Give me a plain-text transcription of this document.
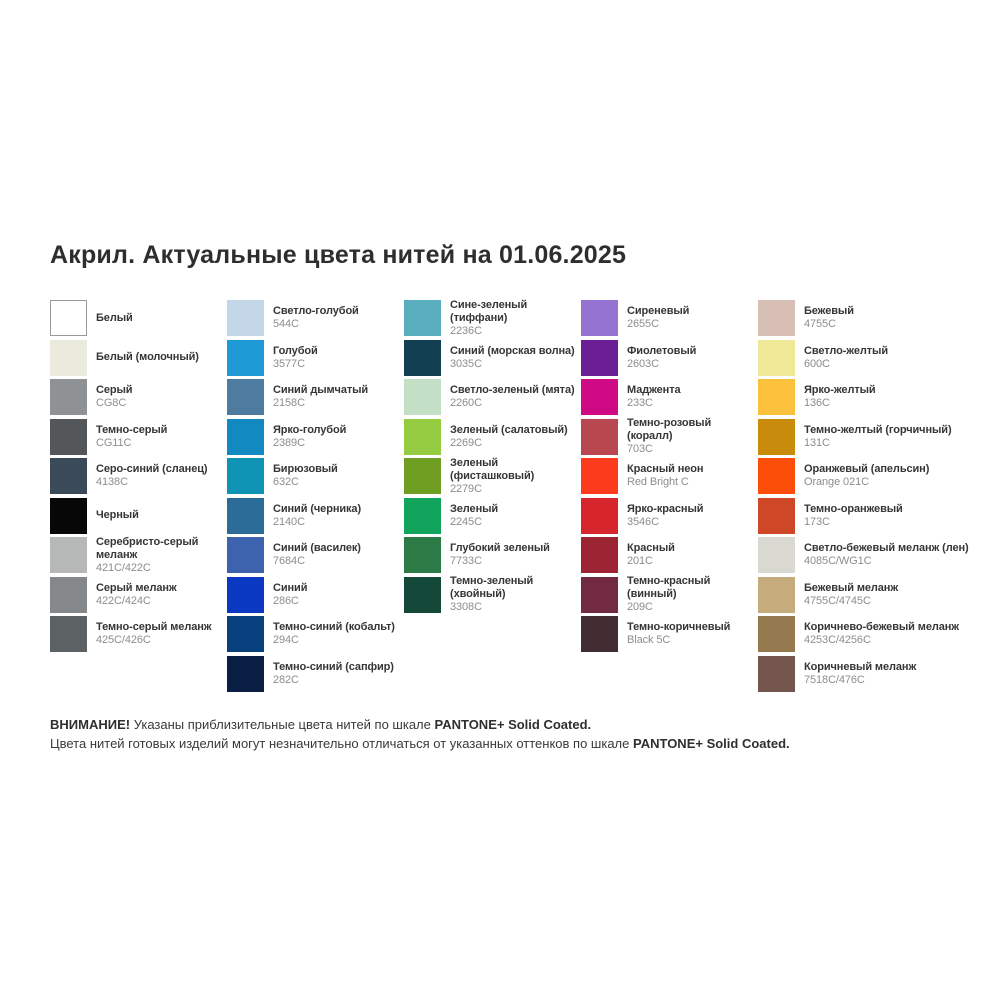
Акрил. Актуальные цвета нитей на 01.06.2025
Белый
Белый (молочный)
Серый
CG8C
Темно-серый
CG11C
Серо-синий (сланец)
4138C
Черный
Серебристо-серый меланж
421C/422C
Серый меланж
422C/424C
Темно-серый меланж
425C/426C
Светло-голубой
544C
Голубой
3577C
Синий дымчатый
2158C
Ярко-голубой
2389C
Бирюзовый
632C
Синий (черника)
2140C
Синий (василек)
7684C
Синий
286C
Темно-синий (кобальт)
294C
Темно-синий (сапфир)
282C
Сине-зеленый (тиффани)
2236C
Синий (морская волна)
3035C
Светло-зеленый (мята)
2260C
Зеленый (салатовый)
2269C
Зеленый (фисташковый)
2279C
Зеленый
2245C
Глубокий зеленый
7733C
Темно-зеленый (хвойный)
3308C
Сиреневый
2655C
Фиолетовый
2603C
Маджента
233C
Темно-розовый (коралл)
703C
Красный неон
Red Bright C
Ярко-красный
3546C
Красный
201C
Темно-красный (винный)
209C
Темно-коричневый
Black 5C
Бежевый
4755C
Светло-желтый
600C
Ярко-желтый
136C
Темно-желтый (горчичный)
131C
Оранжевый (апельсин)
Orange 021C
Темно-оранжевый
173C
Светло-бежевый меланж (лен)
4085C/WG1C
Бежевый меланж
4755C/4745C
Коричнево-бежевый меланж
4253C/4256C
Коричневый меланж
7518C/476C
ВНИМАНИЕ! Указаны приблизительные цвета нитей по шкале PANTONE+ Solid Coated.
Цвета нитей готовых изделий могут незначительно отличаться от указанных оттенков по шкале PANTONE+ Solid Coated.
